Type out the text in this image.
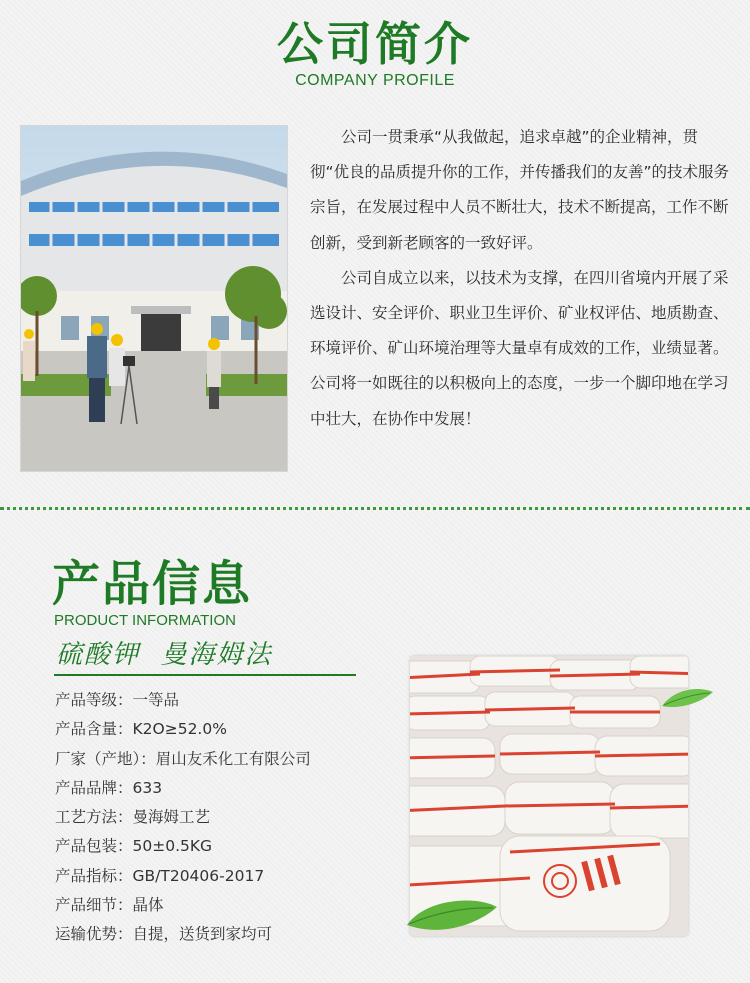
公司简介
COMPANY PROFILE

公司一贯秉承“从我做起，追求卓越”的企业精神，贯彻“优良的品质提升你的工作，并传播我们的友善”的技术服务宗旨，在发展过程中人员不断壮大，技术不断提高，工作不断创新，受到新老顾客的一致好评。

公司自成立以来，以技术为支撑，在四川省境内开展了采选设计、安全评价、职业卫生评价、矿业权评估、地质勘查、环境评价、矿山环境治理等大量卓有成效的工作，业绩显著。公司将一如既往的以积极向上的态度，一步一个脚印地在学习中壮大，在协作中发展！

产品信息
PRODUCT INFORMATION
硫酸钾  曼海姆法
产品等级：一等品
产品含量：K2O≥52.0%
厂家（产地）：眉山友禾化工有限公司
产品品牌：633
工艺方法：曼海姆工艺
产品包装：50±0.5KG
产品指标：GB/T20406-2017
产品细节：晶体
运输优势：自提，送货到家均可
